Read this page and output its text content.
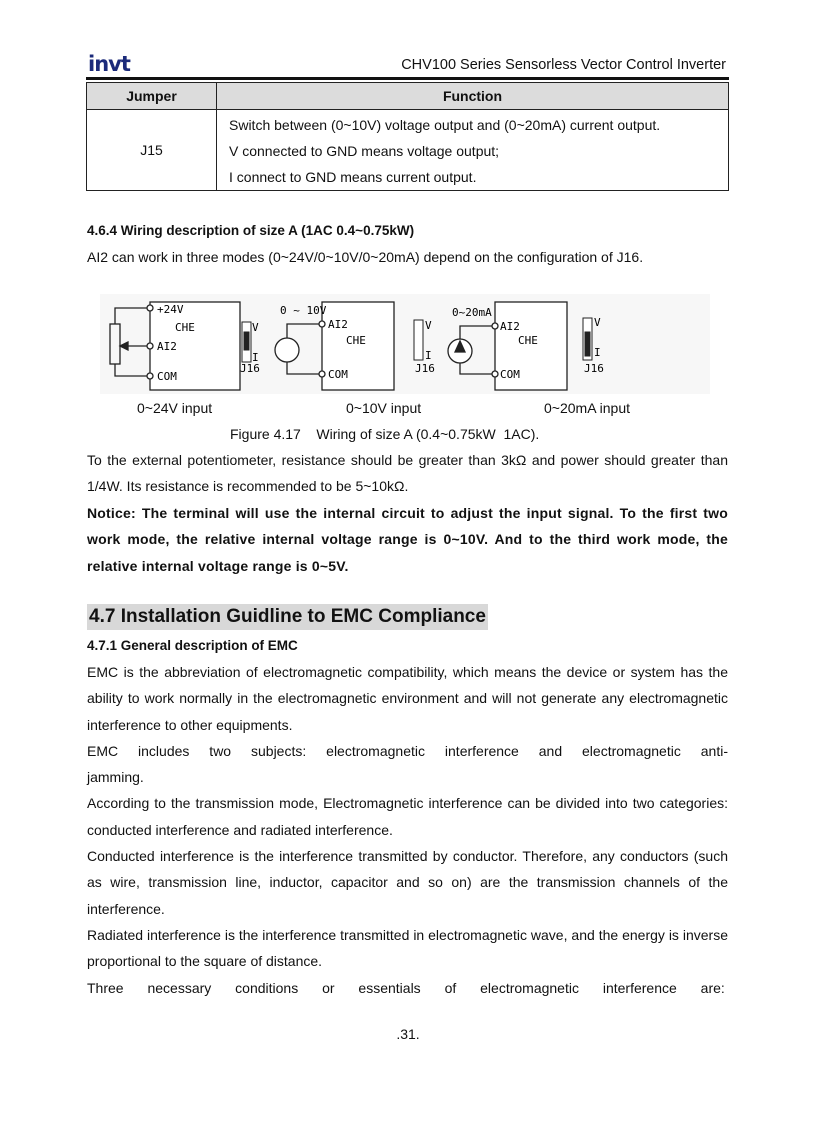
invt	CHV100 Series Sensorless Vector Control Inverter
Jumper	Function
J15	Switch between (0~10V) voltage output and (0~20mA) current output.
V connected to GND means voltage output;
I connect to GND means current output.
4.6.4 Wiring description of size A (1AC 0.4~0.75kW)
AI2 can work in three modes (0~24V/0~10V/0~20mA) depend on the configuration of J16.
+24V
CHE
AI2
COM
V
I
J16
0 ~ 10V
AI2
CHE
COM
V
I
J16
0~20mA
AI2
CHE
COM
V
I
J16
0~24V input	0~10V input	0~20mA input
Figure 4.17    Wiring of size A (0.4~0.75kW  1AC).
To the external potentiometer, resistance should be greater than 3kΩ and power should greater than 1/4W. Its resistance is recommended to be 5~10kΩ.
Notice: The terminal will use the internal circuit to adjust the input signal. To the first two work mode, the relative internal voltage range is 0~10V. And to the third work mode, the relative internal voltage range is 0~5V.
4.7 Installation Guidline to EMC Compliance
4.7.1 General description of EMC
EMC is the abbreviation of electromagnetic compatibility, which means the device or system has the ability to work normally in the electromagnetic environment and will not generate any electromagnetic interference to other equipments.
EMC includes two subjects: electromagnetic interference and electromagnetic anti-jamming.
According to the transmission mode, Electromagnetic interference can be divided into two categories: conducted interference and radiated interference.
Conducted interference is the interference transmitted by conductor. Therefore, any conductors (such as wire, transmission line, inductor, capacitor and so on) are the transmission channels of the interference.
Radiated interference is the interference transmitted in electromagnetic wave, and the energy is inverse proportional to the square of distance.
Three necessary conditions or essentials of electromagnetic interference are:
.31.
